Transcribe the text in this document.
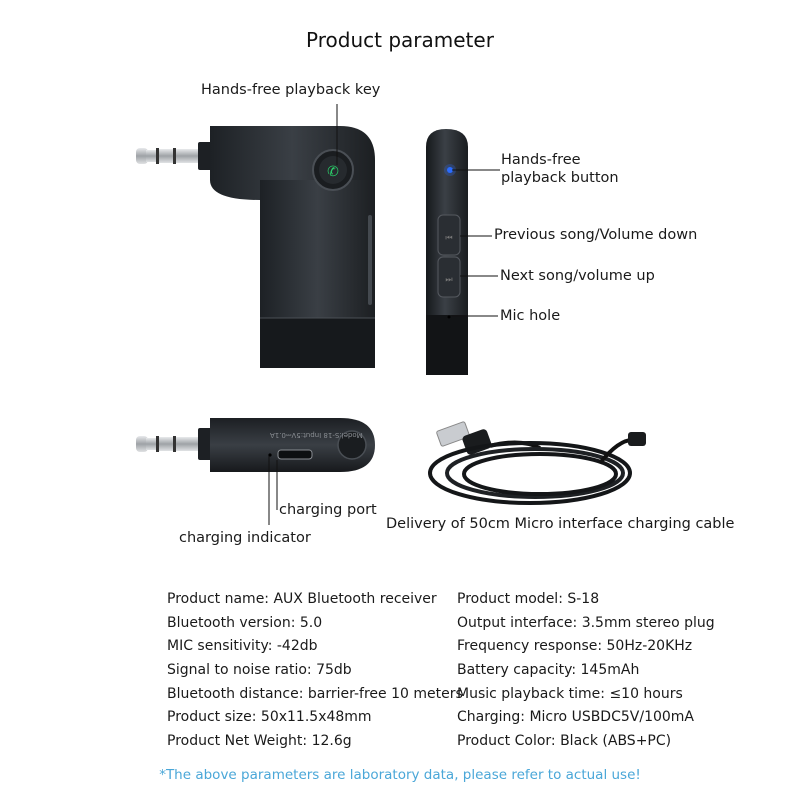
Product parameter
✆
⏮
⏭
Model:S-18 Input:5V⎓0.1A
Hands-free playback key
Hands-free
playback button
Previous song/Volume down
Next song/volume up
Mic hole
charging port
charging indicator
Delivery of 50cm Micro interface charging cable
Product name: AUX Bluetooth receiver
Bluetooth version: 5.0
MIC sensitivity: -42db
Signal to noise ratio: 75db
Bluetooth distance: barrier-free 10 meters
Product size: 50x11.5x48mm
Product Net Weight: 12.6g
Product model: S-18
Output interface: 3.5mm stereo plug
Frequency response: 50Hz-20KHz
Battery capacity: 145mAh
Music playback time: ≤10 hours
Charging: Micro USBDC5V/100mA
Product Color: Black (ABS+PC)
*The above parameters are laboratory data, please refer to actual use!
